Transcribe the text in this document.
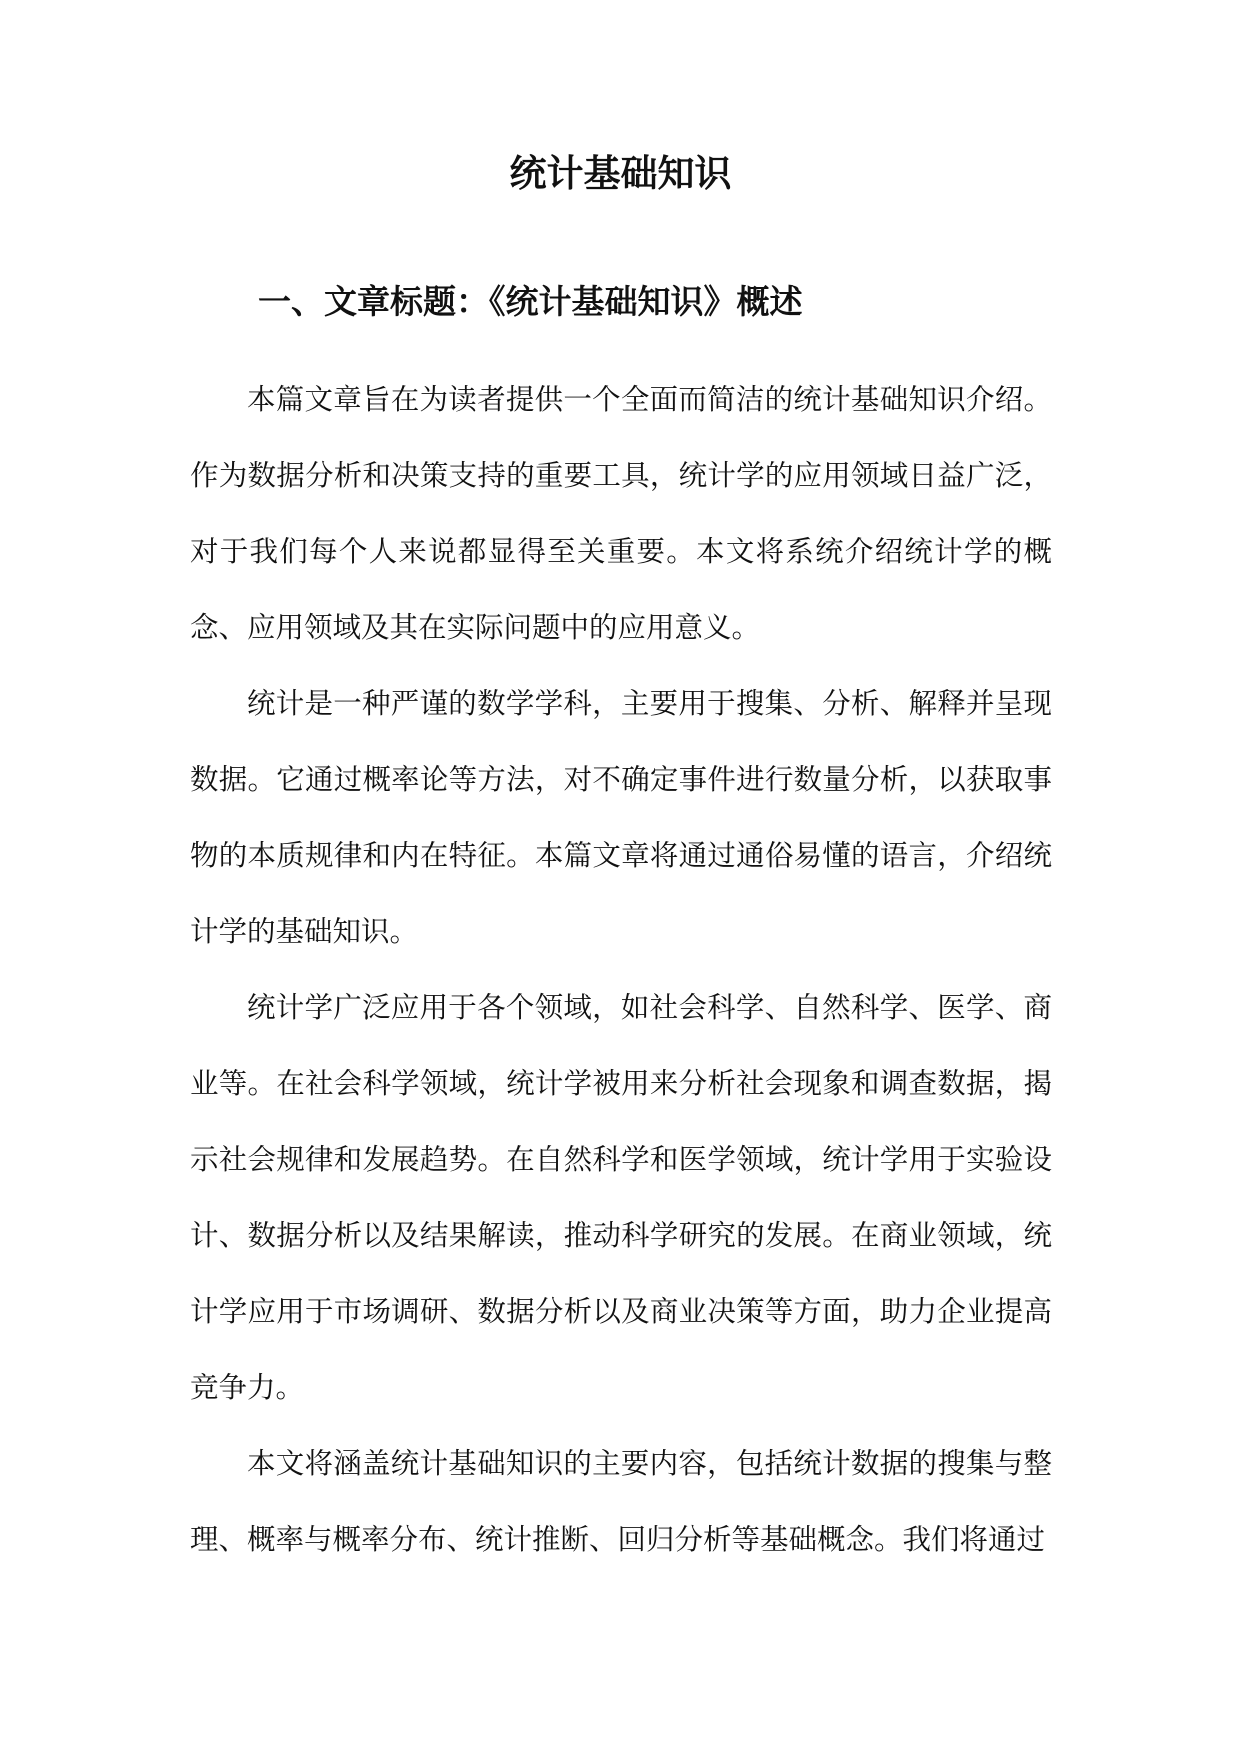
统计基础知识
一、文章标题：《统计基础知识》概述

本篇文章旨在为读者提供一个全面而简洁的统计基础知识介绍。作为数据分析和决策支持的重要工具，统计学的应用领域日益广泛，对于我们每个人来说都显得至关重要。本文将系统介绍统计学的概念、应用领域及其在实际问题中的应用意义。

统计是一种严谨的数学学科，主要用于搜集、分析、解释并呈现数据。它通过概率论等方法，对不确定事件进行数量分析，以获取事物的本质规律和内在特征。本篇文章将通过通俗易懂的语言，介绍统计学的基础知识。

统计学广泛应用于各个领域，如社会科学、自然科学、医学、商业等。在社会科学领域，统计学被用来分析社会现象和调查数据，揭示社会规律和发展趋势。在自然科学和医学领域，统计学用于实验设计、数据分析以及结果解读，推动科学研究的发展。在商业领域，统计学应用于市场调研、数据分析以及商业决策等方面，助力企业提高竞争力。

本文将涵盖统计基础知识的主要内容，包括统计数据的搜集与整理、概率与概率分布、统计推断、回归分析等基础概念。我们将通过
